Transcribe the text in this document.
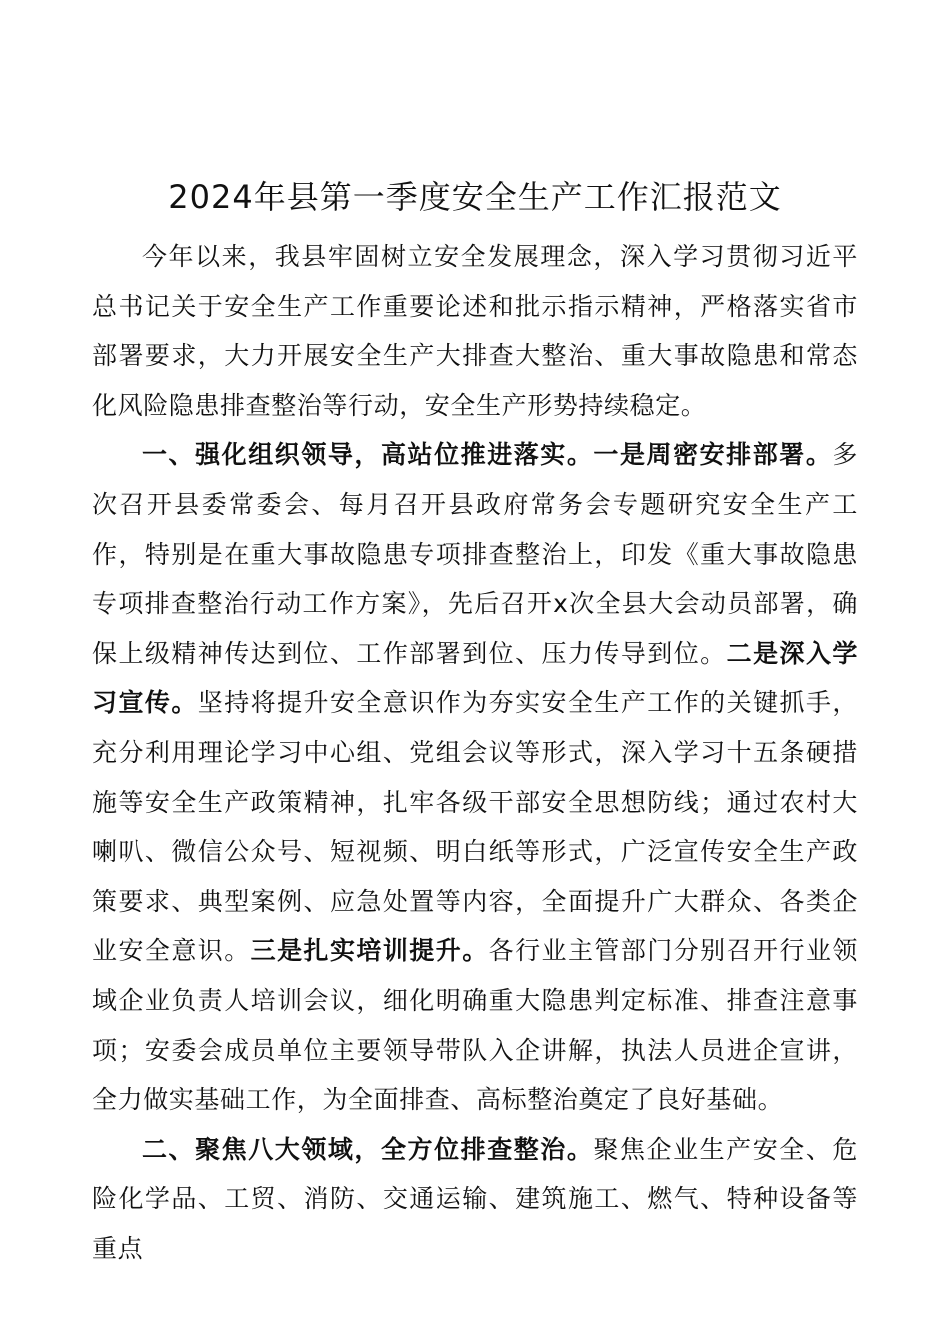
2024年县第一季度安全生产工作汇报范文

今年以来，我县牢固树立安全发展理念，深入学习贯彻习近平总书记关于安全生产工作重要论述和批示指示精神，严格落实省市部署要求，大力开展安全生产大排查大整治、重大事故隐患和常态化风险隐患排查整治等行动，安全生产形势持续稳定。

一、强化组织领导，高站位推进落实。一是周密安排部署。多次召开县委常委会、每月召开县政府常务会专题研究安全生产工作，特别是在重大事故隐患专项排查整治上，印发《重大事故隐患专项排查整治行动工作方案》，先后召开x次全县大会动员部署，确保上级精神传达到位、工作部署到位、压力传导到位。二是深入学习宣传。坚持将提升安全意识作为夯实安全生产工作的关键抓手，充分利用理论学习中心组、党组会议等形式，深入学习十五条硬措施等安全生产政策精神，扎牢各级干部安全思想防线；通过农村大喇叭、微信公众号、短视频、明白纸等形式，广泛宣传安全生产政策要求、典型案例、应急处置等内容，全面提升广大群众、各类企业安全意识。三是扎实培训提升。各行业主管部门分别召开行业领域企业负责人培训会议，细化明确重大隐患判定标准、排查注意事项；安委会成员单位主要领导带队入企讲解，执法人员进企宣讲，全力做实基础工作，为全面排查、高标整治奠定了良好基础。

二、聚焦八大领域，全方位排查整治。聚焦企业生产安全、危险化学品、工贸、消防、交通运输、建筑施工、燃气、特种设备等重点
